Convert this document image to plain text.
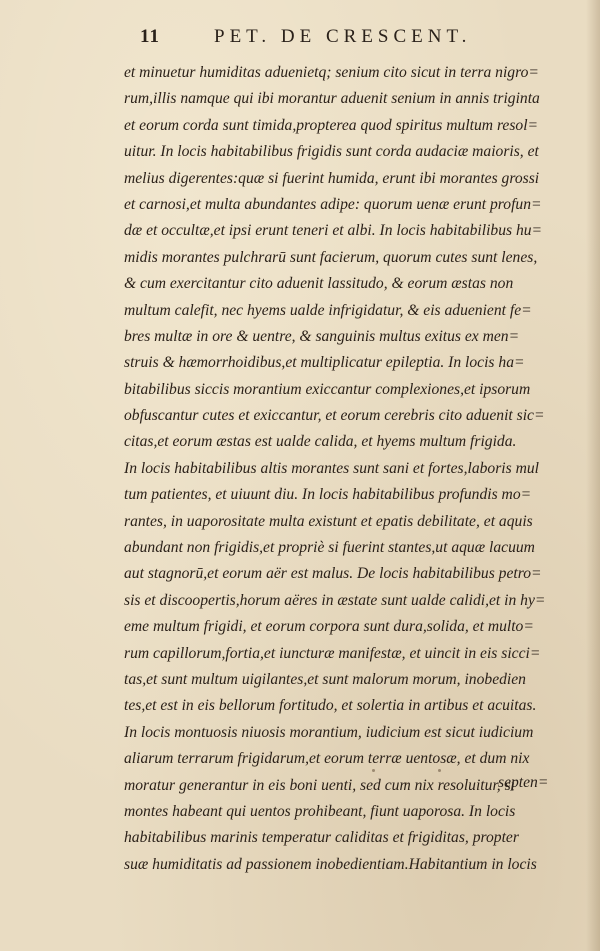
11	PET. DE CRESCENT.
et minuetur humiditas aduenietq; senium cito sicut in terra nigro=
rum,illis namque qui ibi morantur aduenit senium in annis triginta
et eorum corda sunt timida,propterea quod spiritus multum resol=
uitur. In locis habitabilibus frigidis sunt corda audaciæ maioris, et
melius digerentes:quæ si fuerint humida, erunt ibi morantes grossi
et carnosi,et multa abundantes adipe: quorum uenæ erunt profun=
dæ et occultæ,et ipsi erunt teneri et albi. In locis habitabilibus hu=
midis morantes pulchrarū sunt facierum, quorum cutes sunt lenes,
& cum exercitantur cito aduenit lassitudo, & eorum æstas non
multum calefit, nec hyems ualde infrigidatur, & eis aduenient fe=
bres multæ in ore & uentre, & sanguinis multus exitus ex men=
struis & hæmorrhoidibus,et multiplicatur epileptia. In locis ha=
bitabilibus siccis morantium exiccantur complexiones,et ipsorum
obfuscantur cutes et exiccantur, et eorum cerebris cito aduenit sic=
citas,et eorum æstas est ualde calida, et hyems multum frigida.
In locis habitabilibus altis morantes sunt sani et fortes,laboris mul
tum patientes, et uiuunt diu. In locis habitabilibus profundis mo=
rantes, in uaporositate multa existunt et epatis debilitate, et aquis
abundant non frigidis,et propriè si fuerint stantes,ut aquæ lacuum
aut stagnorū,et eorum aër est malus. De locis habitabilibus petro=
sis et discoopertis,horum aëres in æstate sunt ualde calidi,et in hy=
eme multum frigidi, et eorum corpora sunt dura,solida, et multo=
rum capillorum,fortia,et iuncturæ manifestæ, et uincit in eis sicci=
tas,et sunt multum uigilantes,et sunt malorum morum, inobedien
tes,et est in eis bellorum fortitudo, et solertia in artibus et acuitas.
In locis montuosis niuosis morantium, iudicium est sicut iudicium
aliarum terrarum frigidarum,et eorum terræ uentosæ, et dum nix
moratur generantur in eis boni uenti, sed cum nix resoluitur, si
montes habeant qui uentos prohibeant, fiunt uaporosa. In locis
habitabilibus marinis temperatur caliditas et frigiditas, propter
suæ humiditatis ad passionem inobedientiam.Habitantium in locis
septen=
